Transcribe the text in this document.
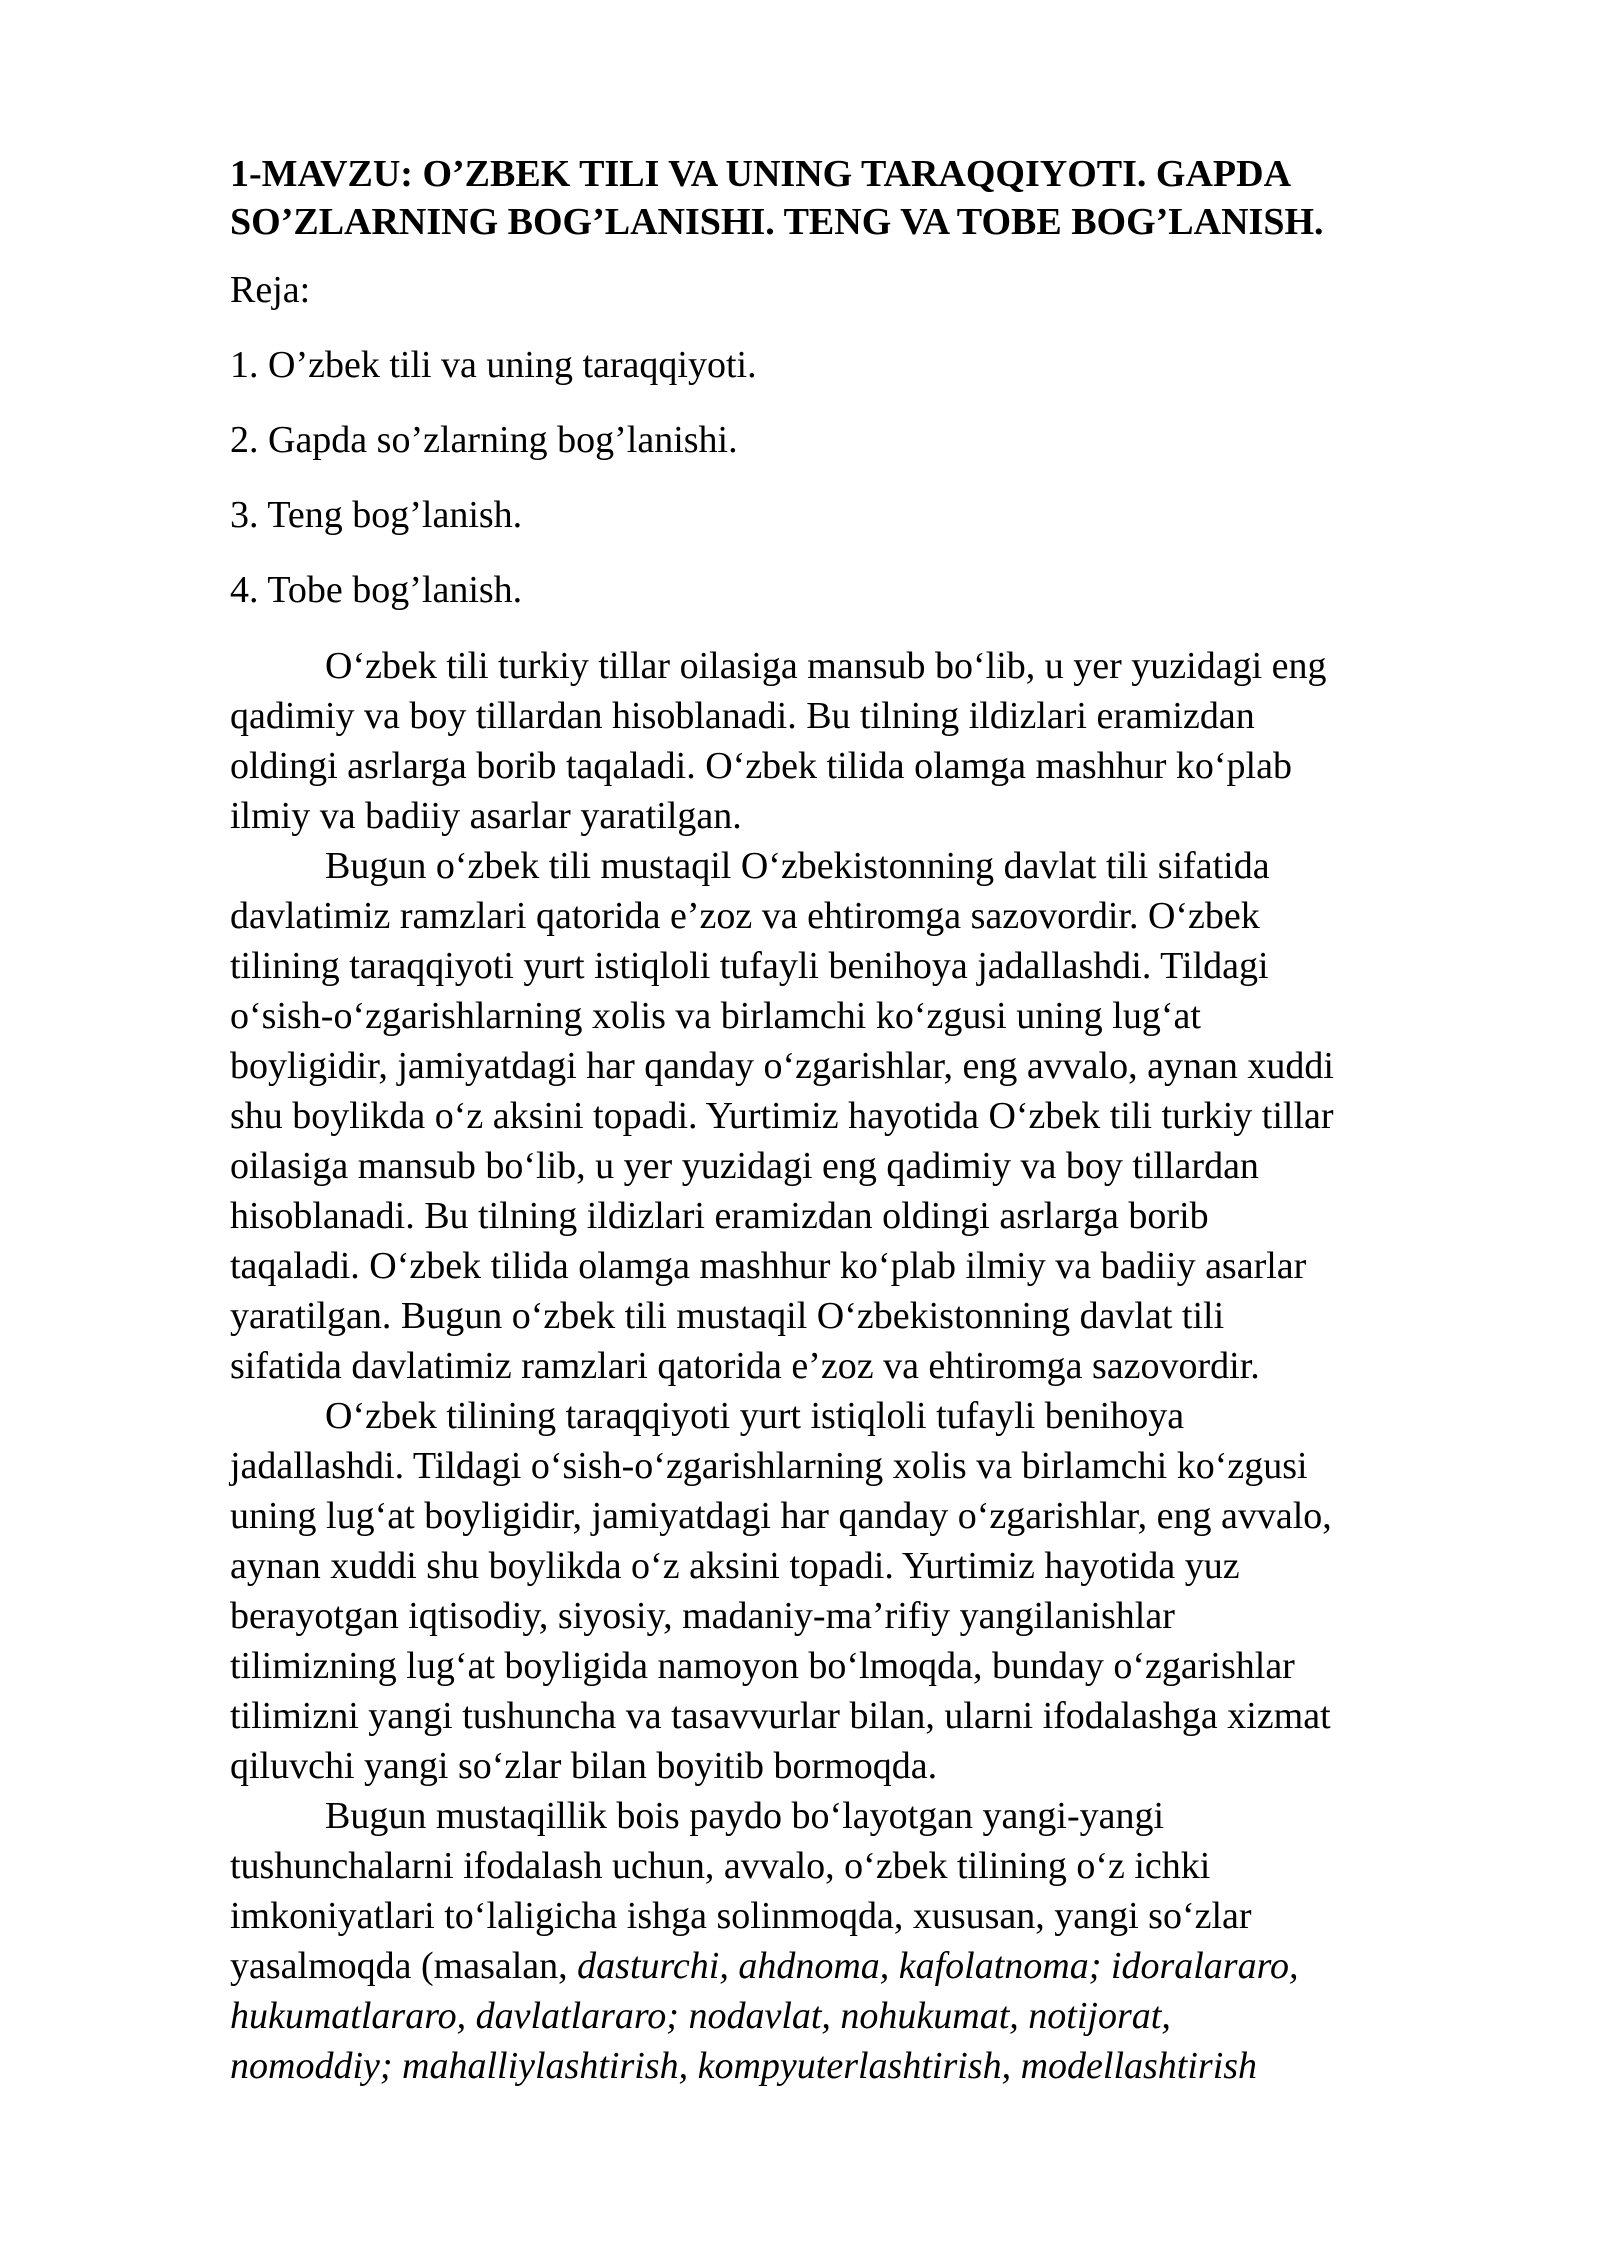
1-MAVZU: O’ZBEK TILI VA UNING TARAQQIYOTI. GAPDA
SO’ZLARNING BOG’LANISHI. TENG VA TOBE BOG’LANISH.

Reja:

1. O’zbek tili va uning taraqqiyoti.

2. Gapda so’zlarning bog’lanishi.

3. Teng bog’lanish.

4. Tobe bog’lanish.

O‘zbek tili turkiy tillar oilasiga mansub bo‘lib, u yer yuzidagi eng
qadimiy va boy tillardan hisoblanadi. Bu tilning ildizlari eramizdan
oldingi asrlarga borib taqaladi. O‘zbek tilida olamga mashhur ko‘plab
ilmiy va badiiy asarlar yaratilgan.

Bugun o‘zbek tili mustaqil O‘zbekistonning davlat tili sifatida
davlatimiz ramzlari qatorida e’zoz va ehtiromga sazovordir. O‘zbek
tilining taraqqiyoti yurt istiqloli tufayli benihoya jadallashdi. Tildagi
o‘sish-o‘zgarishlarning xolis va birlamchi ko‘zgusi uning lug‘at
boyligidir, jamiyatdagi har qanday o‘zgarishlar, eng avvalo, aynan xuddi
shu boylikda o‘z aksini topadi. Yurtimiz hayotida O‘zbek tili turkiy tillar
oilasiga mansub bo‘lib, u yer yuzidagi eng qadimiy va boy tillardan
hisoblanadi. Bu tilning ildizlari eramizdan oldingi asrlarga borib
taqaladi. O‘zbek tilida olamga mashhur ko‘plab ilmiy va badiiy asarlar
yaratilgan. Bugun o‘zbek tili mustaqil O‘zbekistonning davlat tili
sifatida davlatimiz ramzlari qatorida e’zoz va ehtiromga sazovordir.

O‘zbek tilining taraqqiyoti yurt istiqloli tufayli benihoya
jadallashdi. Tildagi o‘sish-o‘zgarishlarning xolis va birlamchi ko‘zgusi
uning lug‘at boyligidir, jamiyatdagi har qanday o‘zgarishlar, eng avvalo,
aynan xuddi shu boylikda o‘z aksini topadi. Yurtimiz hayotida yuz
berayotgan iqtisodiy, siyosiy, madaniy-ma’rifiy yangilanishlar
tilimizning lug‘at boyligida namoyon bo‘lmoqda, bunday o‘zgarishlar
tilimizni yangi tushuncha va tasavvurlar bilan, ularni ifodalashga xizmat
qiluvchi yangi so‘zlar bilan boyitib bormoqda.

Bugun mustaqillik bois paydo bo‘layotgan yangi-yangi
tushunchalarni ifodalash uchun, avvalo, o‘zbek tilining o‘z ichki
imkoniyatlari to‘laligicha ishga solinmoqda, xususan, yangi so‘zlar
yasalmoqda (masalan, dasturchi, ahdnoma, kafolatnoma; idoralararo,
hukumatlararo, davlatlararo; nodavlat, nohukumat, notijorat,
nomoddiy; mahalliylashtirish, kompyuterlashtirish, modellashtirish
